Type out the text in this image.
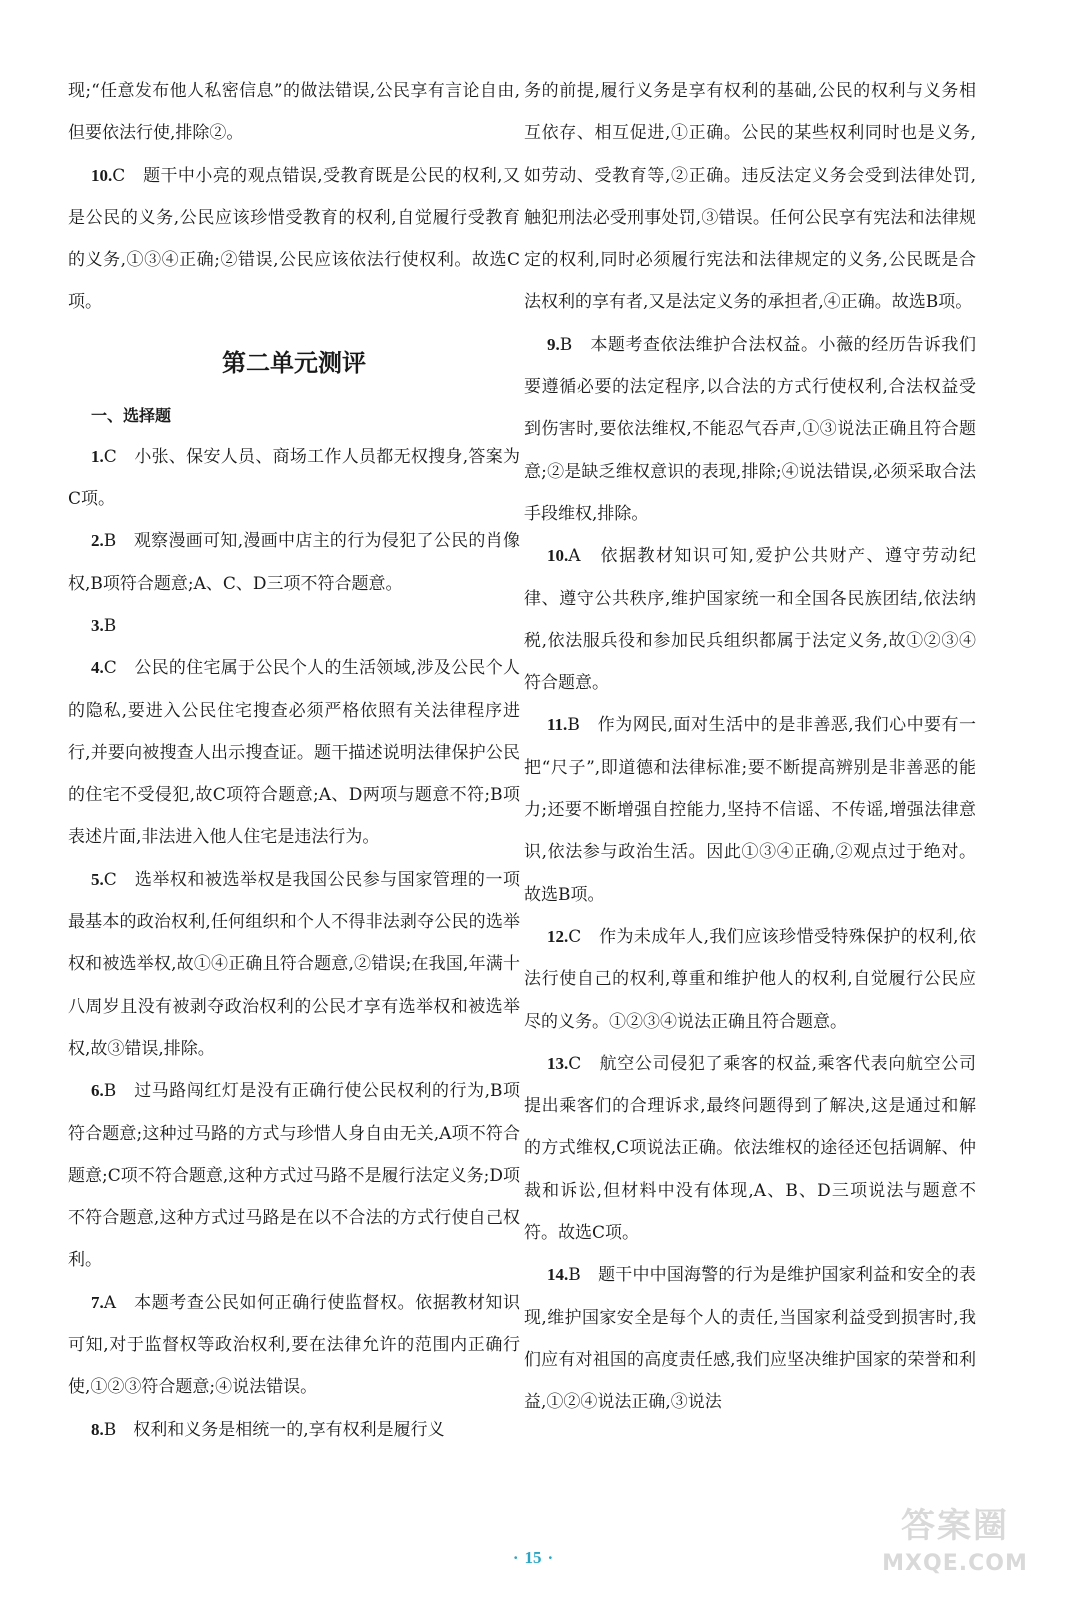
现;“任意发布他人私密信息”的做法错误,公民享有言论自由,但要依法行使,排除②。

10.C　题干中小亮的观点错误,受教育既是公民的权利,又是公民的义务,公民应该珍惜受教育的权利,自觉履行受教育的义务,①③④正确;②错误,公民应该依法行使权利。故选C项。

第二单元测评
一、选择题

1.C　小张、保安人员、商场工作人员都无权搜身,答案为C项。

2.B　观察漫画可知,漫画中店主的行为侵犯了公民的肖像权,B项符合题意;A、C、D三项不符合题意。

3.B

4.C　公民的住宅属于公民个人的生活领域,涉及公民个人的隐私,要进入公民住宅搜查必须严格依照有关法律程序进行,并要向被搜查人出示搜查证。题干描述说明法律保护公民的住宅不受侵犯,故C项符合题意;A、D两项与题意不符;B项表述片面,非法进入他人住宅是违法行为。

5.C　选举权和被选举权是我国公民参与国家管理的一项最基本的政治权利,任何组织和个人不得非法剥夺公民的选举权和被选举权,故①④正确且符合题意,②错误;在我国,年满十八周岁且没有被剥夺政治权利的公民才享有选举权和被选举权,故③错误,排除。

6.B　过马路闯红灯是没有正确行使公民权利的行为,B项符合题意;这种过马路的方式与珍惜人身自由无关,A项不符合题意;C项不符合题意,这种方式过马路不是履行法定义务;D项不符合题意,这种方式过马路是在以不合法的方式行使自己权利。

7.A　本题考查公民如何正确行使监督权。依据教材知识可知,对于监督权等政治权利,要在法律允许的范围内正确行使,①②③符合题意;④说法错误。

8.B　权利和义务是相统一的,享有权利是履行义

务的前提,履行义务是享有权利的基础,公民的权利与义务相互依存、相互促进,①正确。公民的某些权利同时也是义务,如劳动、受教育等,②正确。违反法定义务会受到法律处罚,触犯刑法必受刑事处罚,③错误。任何公民享有宪法和法律规定的权利,同时必须履行宪法和法律规定的义务,公民既是合法权利的享有者,又是法定义务的承担者,④正确。故选B项。

9.B　本题考查依法维护合法权益。小薇的经历告诉我们要遵循必要的法定程序,以合法的方式行使权利,合法权益受到伤害时,要依法维权,不能忍气吞声,①③说法正确且符合题意;②是缺乏维权意识的表现,排除;④说法错误,必须采取合法手段维权,排除。

10.A　依据教材知识可知,爱护公共财产、遵守劳动纪律、遵守公共秩序,维护国家统一和全国各民族团结,依法纳税,依法服兵役和参加民兵组织都属于法定义务,故①②③④符合题意。

11.B　作为网民,面对生活中的是非善恶,我们心中要有一把“尺子”,即道德和法律标准;要不断提高辨别是非善恶的能力;还要不断增强自控能力,坚持不信谣、不传谣,增强法律意识,依法参与政治生活。因此①③④正确,②观点过于绝对。故选B项。

12.C　作为未成年人,我们应该珍惜受特殊保护的权利,依法行使自己的权利,尊重和维护他人的权利,自觉履行公民应尽的义务。①②③④说法正确且符合题意。

13.C　航空公司侵犯了乘客的权益,乘客代表向航空公司提出乘客们的合理诉求,最终问题得到了解决,这是通过和解的方式维权,C项说法正确。依法维权的途径还包括调解、仲裁和诉讼,但材料中没有体现,A、B、D三项说法与题意不符。故选C项。

14.B　题干中中国海警的行为是维护国家利益和安全的表现,维护国家安全是每个人的责任,当国家利益受到损害时,我们应有对祖国的高度责任感,我们应坚决维护国家的荣誉和利益,①②④说法正确,③说法

· 15 ·
答案圈
MXQE.COM
